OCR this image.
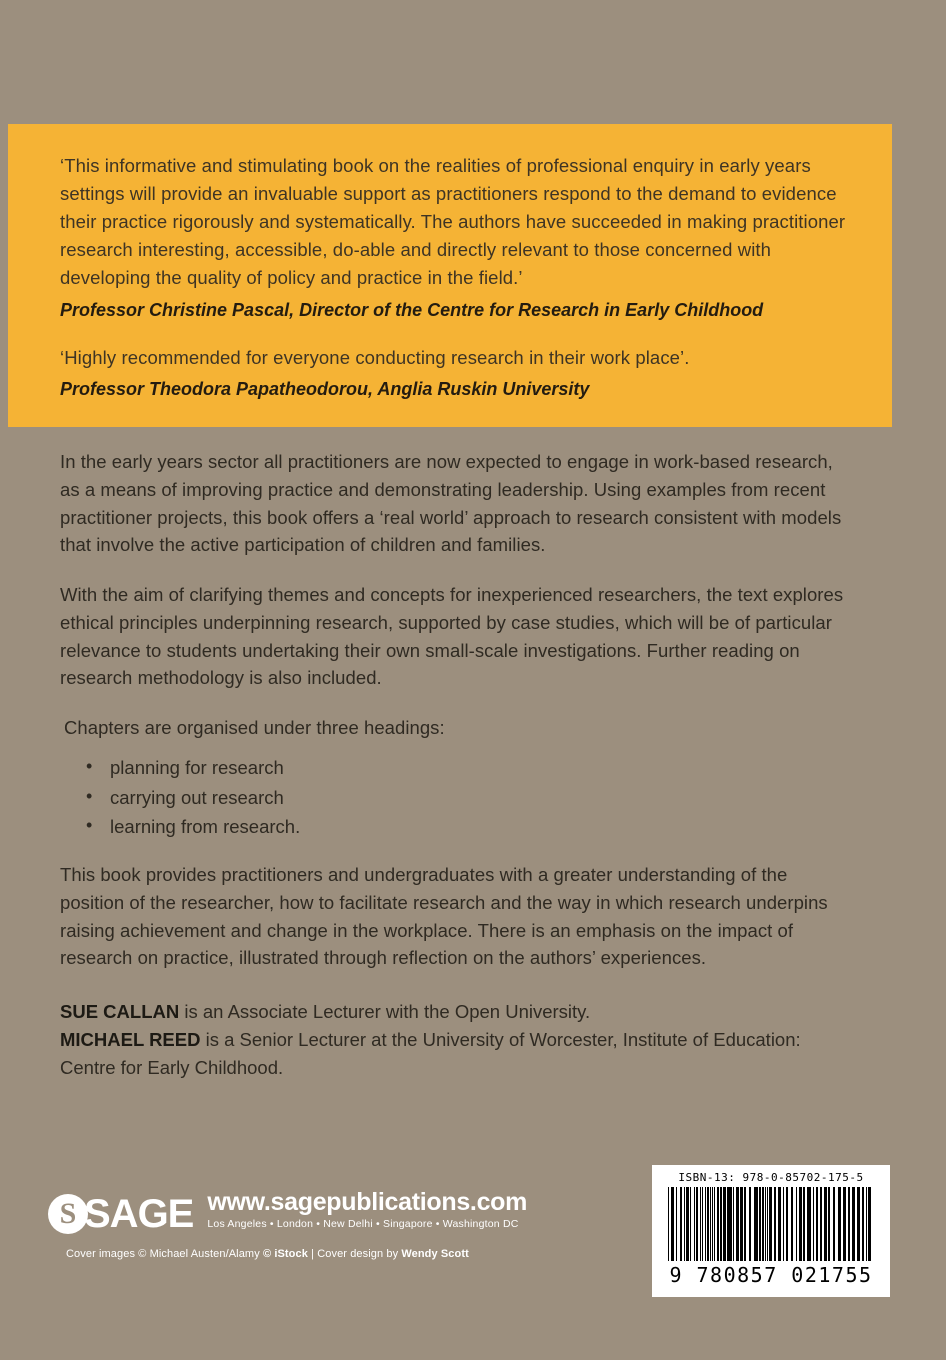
‘This informative and stimulating book on the realities of professional enquiry in early years settings will provide an invaluable support as practitioners respond to the demand to evidence their practice rigorously and systematically. The authors have succeeded in making practitioner research interesting, accessible, do-able and directly relevant to those concerned with developing the quality of policy and practice in the field.’

Professor Christine Pascal, Director of the Centre for Research in Early Childhood

‘Highly recommended for everyone conducting research in their work place’.

Professor Theodora Papatheodorou, Anglia Ruskin University

In the early years sector all practitioners are now expected to engage in work-based research, as a means of improving practice and demonstrating leadership. Using examples from recent practitioner projects, this book offers a ‘real world’ approach to research consistent with models that involve the active participation of children and families.

With the aim of clarifying themes and concepts for inexperienced researchers, the text explores ethical principles underpinning research, supported by case studies, which will be of particular relevance to students undertaking their own small-scale investigations. Further reading on research methodology is also included.

Chapters are organised under three headings:

• planning for research
• carrying out research
• learning from research.

This book provides practitioners and undergraduates with a greater understanding of the position of the researcher, how to facilitate research and the way in which research underpins raising achievement and change in the workplace. There is an emphasis on the impact of research on practice, illustrated through reflection on the authors’ experiences.

SUE CALLAN is an Associate Lecturer with the Open University.

MICHAEL REED is a Senior Lecturer at the University of Worcester, Institute of Education: Centre for Early Childhood.

S SAGE www.sagepublications.com
Los Angeles • London • New Delhi • Singapore • Washington DC
Cover images © Michael Austen/Alamy © iStock | Cover design by Wendy Scott
ISBN-13: 978-0-85702-175-5
9 780857 021755
